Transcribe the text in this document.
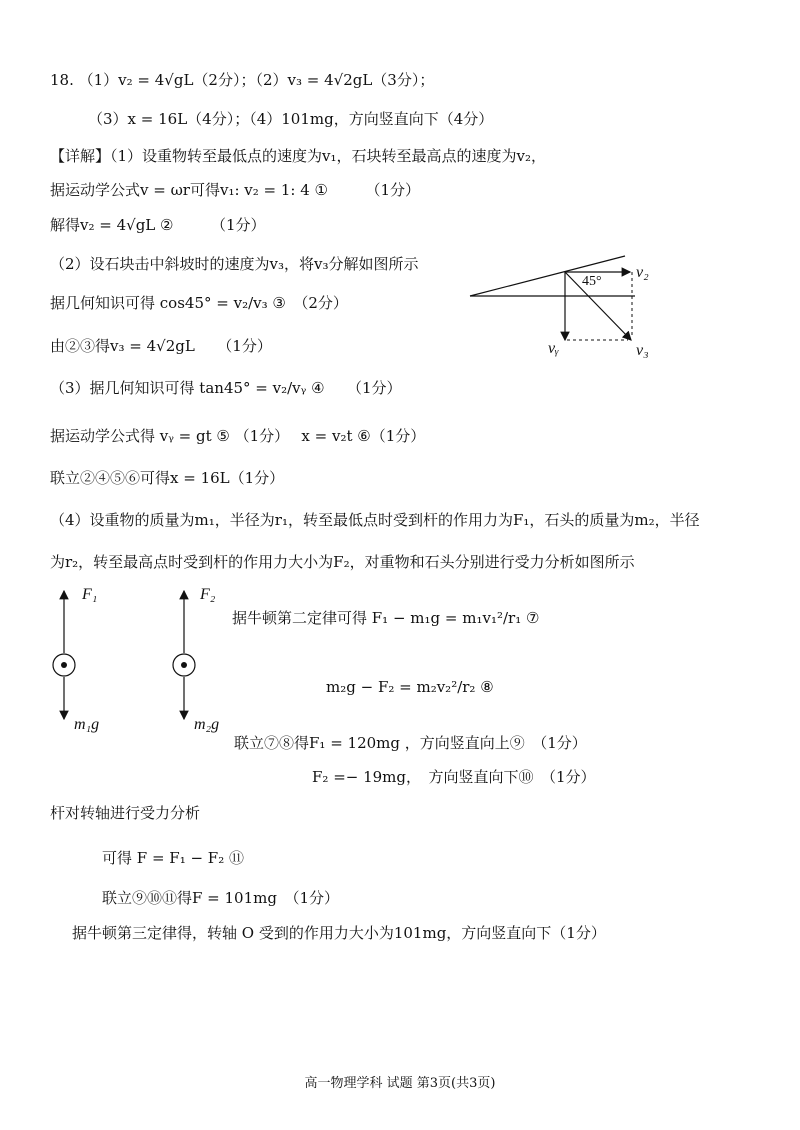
18. （1）v₂ = 4√gL（2分）；（2）v₃ = 4√2gL（3分）；
（3）x = 16L（4分）；（4）101mg，方向竖直向下（4分）
【详解】（1）设重物转至最低点的速度为v₁，石块转至最高点的速度为v₂，
据运动学公式v = ωr可得v₁: v₂ = 1: 4 ①　　　（1分）
解得v₂ = 4√gL ②　　　（1分）
（2）设石块击中斜坡时的速度为v₃，将v₃分解如图所示
据几何知识可得 cos45° = v₂/v₃ ③　（2分）
由②③得v₃ = 4√2gL　　（1分）
（3）据几何知识可得 tan45° = v₂/vᵧ ④　　（1分）
据运动学公式得 vᵧ = gt ⑤ （1分）　 x = v₂t ⑥（1分）
联立②④⑤⑥可得x = 16L（1分）
（4）设重物的质量为m₁，半径为r₁，转至最低点时受到杆的作用力为F₁，石头的质量为m₂，半径
为r₂，转至最高点时受到杆的作用力大小为F₂，对重物和石头分别进行受力分析如图所示
据牛顿第二定律可得 F₁ − m₁g = m₁v₁²/r₁ ⑦
m₂g − F₂ = m₂v₂²/r₂ ⑧
联立⑦⑧得F₁ = 120mg ，方向竖直向上⑨　（1分）
F₂ =− 19mg，　方向竖直向下⑩　（1分）
杆对转轴进行受力分析
可得 F = F₁ − F₂ ⑪
联立⑨⑩⑪得F = 101mg　（1分）
据牛顿第三定律得，转轴 O 受到的作用力大小为101mg，方向竖直向下（1分）
45°
v₂
vᵧ	v₃
F₁
m₁g
F₂
m₂g
高一物理学科 试题 第3页(共3页)
